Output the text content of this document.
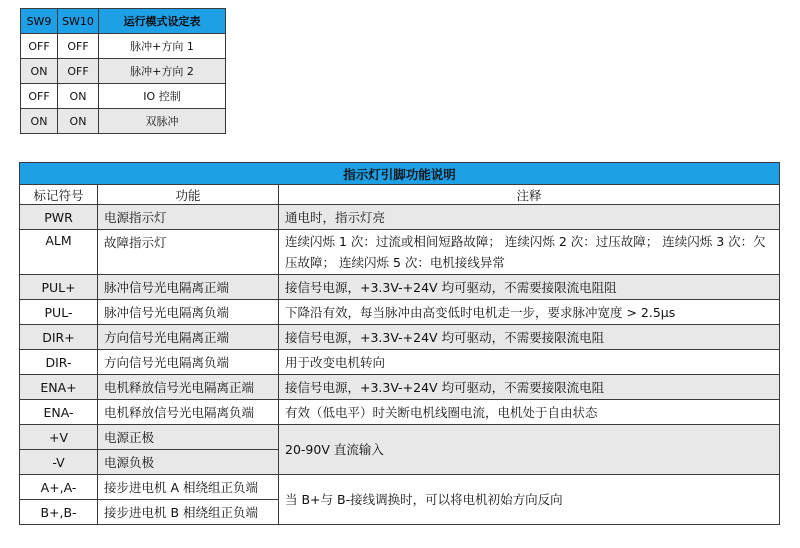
SW9	SW10	运行模式设定表
OFF	OFF	脉冲+方向 1
ON	OFF	脉冲+方向 2
OFF	ON	IO 控制
ON	ON	双脉冲
指示灯引脚功能说明		
标记符号	功能	注释
PWR	电源指示灯	通电时，指示灯亮
ALM	故障指示灯	连续闪烁 1 次：过流或相间短路故障； 连续闪烁 2 次：过压故障； 连续闪烁 3 次：欠压故障； 连续闪烁 5 次：电机接线异常
PUL+	脉冲信号光电隔离正端	接信号电源，+3.3V-+24V 均可驱动，不需要接限流电阻阻
PUL-	脉冲信号光电隔离负端	下降沿有效，每当脉冲由高变低时电机走一步，要求脉冲宽度 > 2.5μs
DIR+	方向信号光电隔离正端	接信号电源，+3.3V-+24V 均可驱动，不需要接限流电阻
DIR-	方向信号光电隔离负端	用于改变电机转向
ENA+	电机释放信号光电隔离正端	接信号电源，+3.3V-+24V 均可驱动，不需要接限流电阻
ENA-	电机释放信号光电隔离负端	有效（低电平）时关断电机线圈电流，电机处于自由状态
+V	电源正极	20-90V 直流输入
-V	电源负极	
A+,A-	接步进电机 A 相绕组正负端	当 B+与 B-接线调换时，可以将电机初始方向反向
B+,B-	接步进电机 B 相绕组正负端	
